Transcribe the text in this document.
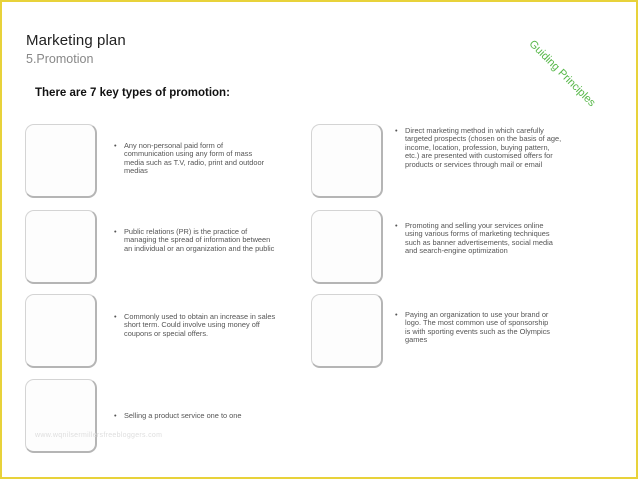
Marketing plan
5.Promotion	Guiding Principles
There are 7 key types of promotion:
• Any non-personal paid form of communication using any form of mass media such as T.V, radio, print and outdoor medias
• Public relations (PR) is the practice of managing the spread of information between an individual or an organization and the public
• Commonly used to obtain an increase in sales short term. Could involve using money off coupons or special offers.
• Selling a product service one to one
• Direct marketing method in which carefully targeted prospects (chosen on the basis of age, income, location, profession, buying pattern, etc.) are presented with customised offers for products or services through mail or email
• Promoting and selling your services online using various forms of marketing techniques such as banner advertisements, social media and search-engine optimization
• Paying an organization to use your brand or logo. The most common use of sponsorship is with sporting events such as the Olympics games
www.wqnilsermillersfreebloggers.com
